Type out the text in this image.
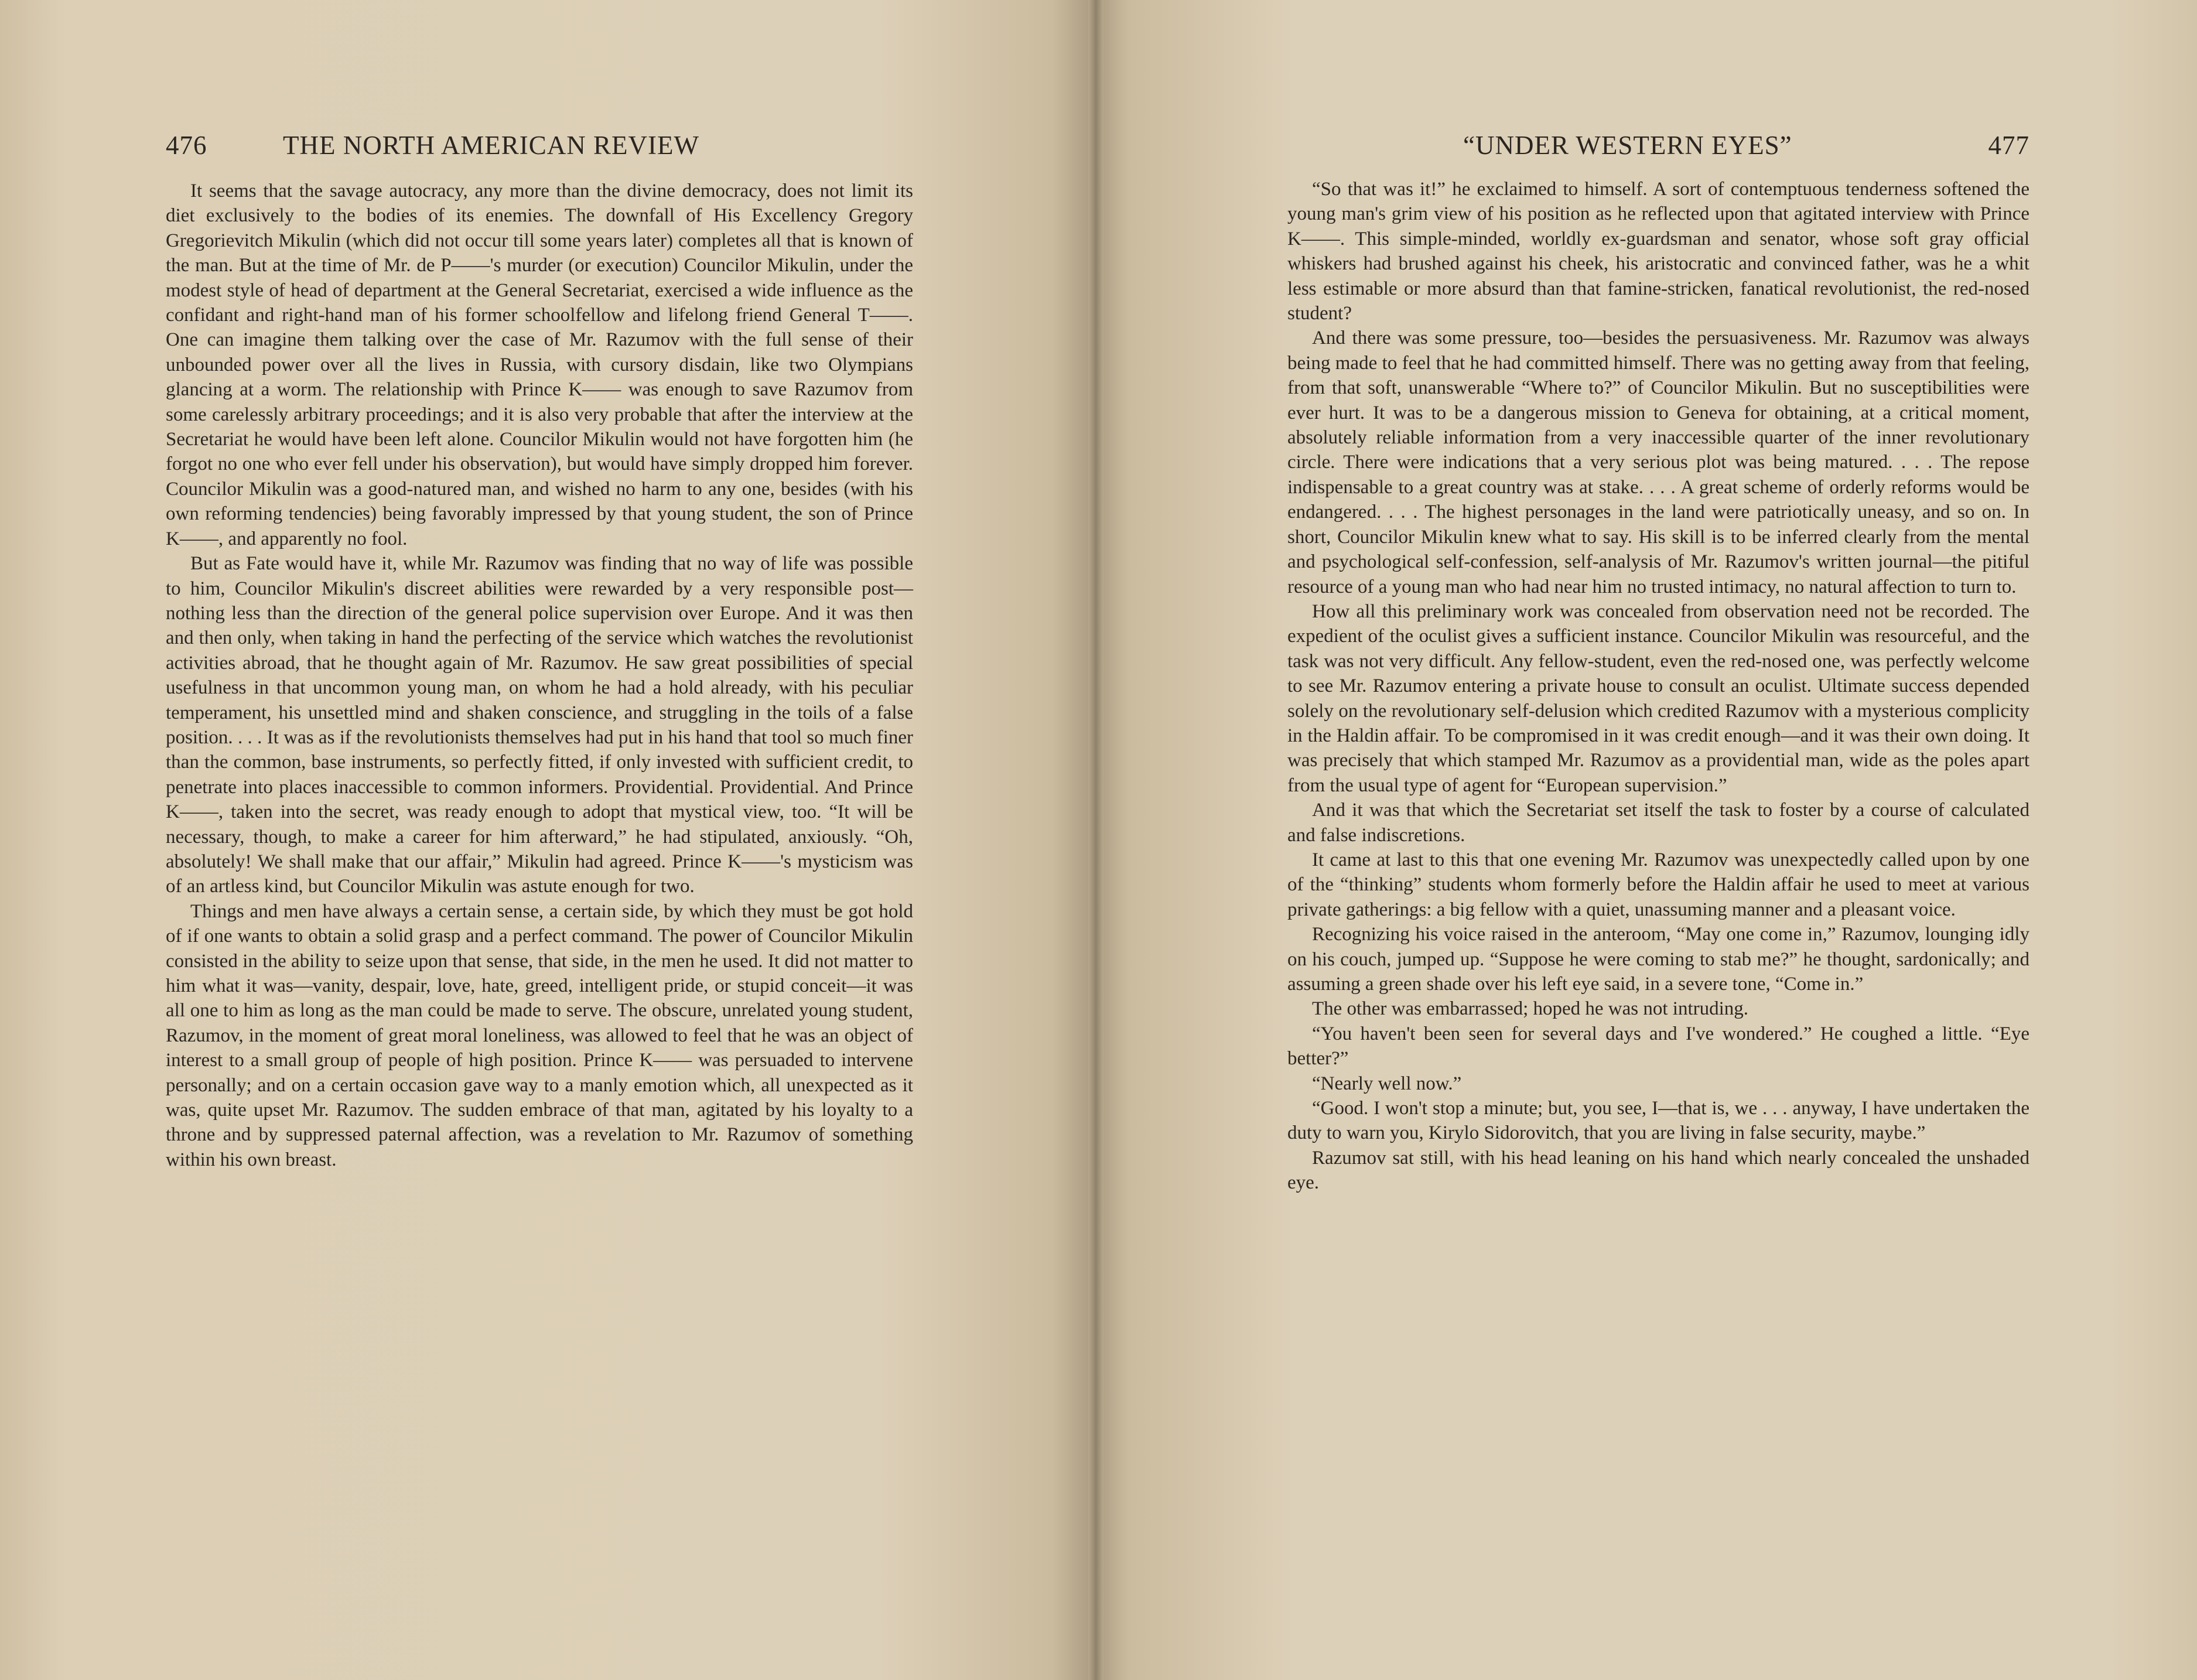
476	THE NORTH AMERICAN REVIEW

It seems that the savage autocracy, any more than the divine democracy, does not limit its diet exclusively to the bodies of its enemies. The downfall of His Excellency Gregory Gregorievitch Mikulin (which did not occur till some years later) completes all that is known of the man. But at the time of Mr. de P——'s murder (or execution) Councilor Mikulin, under the modest style of head of department at the General Secretariat, exercised a wide influence as the confidant and right-hand man of his former schoolfellow and lifelong friend General T——. One can imagine them talking over the case of Mr. Razumov with the full sense of their unbounded power over all the lives in Russia, with cursory disdain, like two Olympians glancing at a worm. The relationship with Prince K—— was enough to save Razumov from some carelessly arbitrary proceedings; and it is also very probable that after the interview at the Secretariat he would have been left alone. Councilor Mikulin would not have forgotten him (he forgot no one who ever fell under his observation), but would have simply dropped him forever. Councilor Mikulin was a good-natured man, and wished no harm to any one, besides (with his own reforming tendencies) being favorably impressed by that young student, the son of Prince K——, and apparently no fool.

But as Fate would have it, while Mr. Razumov was finding that no way of life was possible to him, Councilor Mikulin's discreet abilities were rewarded by a very responsible post—nothing less than the direction of the general police supervision over Europe. And it was then and then only, when taking in hand the perfecting of the service which watches the revolutionist activities abroad, that he thought again of Mr. Razumov. He saw great possibilities of special usefulness in that uncommon young man, on whom he had a hold already, with his peculiar temperament, his unsettled mind and shaken conscience, and struggling in the toils of a false position. . . . It was as if the revolutionists themselves had put in his hand that tool so much finer than the common, base instruments, so perfectly fitted, if only invested with sufficient credit, to penetrate into places inaccessible to common informers. Providential. Providential. And Prince K——, taken into the secret, was ready enough to adopt that mystical view, too. “It will be necessary, though, to make a career for him afterward,” he had stipulated, anxiously. “Oh, absolutely! We shall make that our affair,” Mikulin had agreed. Prince K——'s mysticism was of an artless kind, but Councilor Mikulin was astute enough for two.

Things and men have always a certain sense, a certain side, by which they must be got hold of if one wants to obtain a solid grasp and a perfect command. The power of Councilor Mikulin consisted in the ability to seize upon that sense, that side, in the men he used. It did not matter to him what it was—vanity, despair, love, hate, greed, intelligent pride, or stupid conceit—it was all one to him as long as the man could be made to serve. The obscure, unrelated young student, Razumov, in the moment of great moral loneliness, was allowed to feel that he was an object of interest to a small group of people of high position. Prince K—— was persuaded to intervene personally; and on a certain occasion gave way to a manly emotion which, all unexpected as it was, quite upset Mr. Razumov. The sudden embrace of that man, agitated by his loyalty to a throne and by suppressed paternal affection, was a revelation to Mr. Razumov of something within his own breast.

“UNDER WESTERN EYES”	477

“So that was it!” he exclaimed to himself. A sort of contemptuous tenderness softened the young man's grim view of his position as he reflected upon that agitated interview with Prince K——. This simple-minded, worldly ex-guardsman and senator, whose soft gray official whiskers had brushed against his cheek, his aristocratic and convinced father, was he a whit less estimable or more absurd than that famine-stricken, fanatical revolutionist, the red-nosed student?

And there was some pressure, too—besides the persuasiveness. Mr. Razumov was always being made to feel that he had committed himself. There was no getting away from that feeling, from that soft, unanswerable “Where to?” of Councilor Mikulin. But no susceptibilities were ever hurt. It was to be a dangerous mission to Geneva for obtaining, at a critical moment, absolutely reliable information from a very inaccessible quarter of the inner revolutionary circle. There were indications that a very serious plot was being matured. . . . The repose indispensable to a great country was at stake. . . . A great scheme of orderly reforms would be endangered. . . . The highest personages in the land were patriotically uneasy, and so on. In short, Councilor Mikulin knew what to say. His skill is to be inferred clearly from the mental and psychological self-confession, self-analysis of Mr. Razumov's written journal—the pitiful resource of a young man who had near him no trusted intimacy, no natural affection to turn to.

How all this preliminary work was concealed from observation need not be recorded. The expedient of the oculist gives a sufficient instance. Councilor Mikulin was resourceful, and the task was not very difficult. Any fellow-student, even the red-nosed one, was perfectly welcome to see Mr. Razumov entering a private house to consult an oculist. Ultimate success depended solely on the revolutionary self-delusion which credited Razumov with a mysterious complicity in the Haldin affair. To be compromised in it was credit enough—and it was their own doing. It was precisely that which stamped Mr. Razumov as a providential man, wide as the poles apart from the usual type of agent for “European supervision.”

And it was that which the Secretariat set itself the task to foster by a course of calculated and false indiscretions.

It came at last to this that one evening Mr. Razumov was unexpectedly called upon by one of the “thinking” students whom formerly before the Haldin affair he used to meet at various private gatherings: a big fellow with a quiet, unassuming manner and a pleasant voice.

Recognizing his voice raised in the anteroom, “May one come in,” Razumov, lounging idly on his couch, jumped up. “Suppose he were coming to stab me?” he thought, sardonically; and assuming a green shade over his left eye said, in a severe tone, “Come in.”

The other was embarrassed; hoped he was not intruding.

“You haven't been seen for several days and I've wondered.” He coughed a little. “Eye better?”

“Nearly well now.”

“Good. I won't stop a minute; but, you see, I—that is, we . . . anyway, I have undertaken the duty to warn you, Kirylo Sidorovitch, that you are living in false security, maybe.”

Razumov sat still, with his head leaning on his hand which nearly concealed the unshaded eye.
